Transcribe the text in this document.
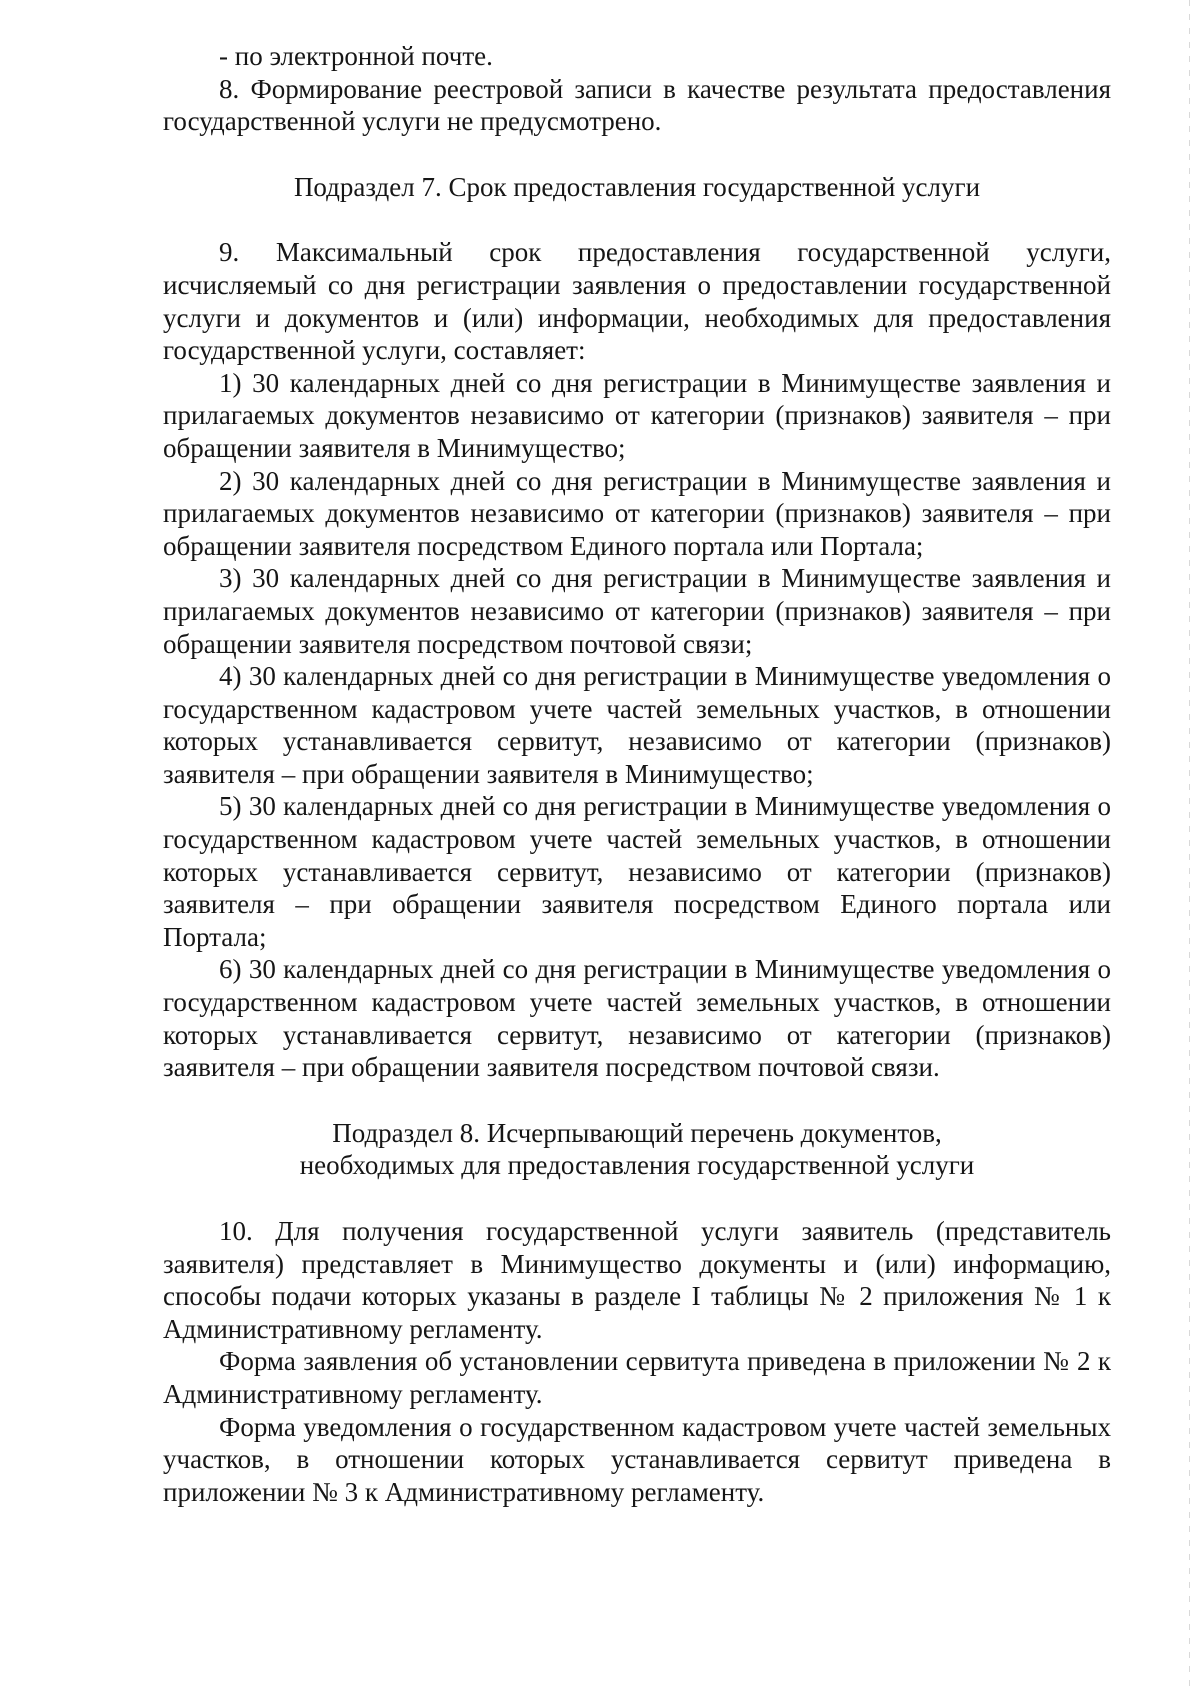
- по электронной почте.

8. Формирование реестровой записи в качестве результата предоставления государственной услуги не предусмотрено.

Подраздел 7. Срок предоставления государственной услуги

9. Максимальный срок предоставления государственной услуги, исчисляемый со дня регистрации заявления о предоставлении государственной услуги и документов и (или) информации, необходимых для предоставления государственной услуги, составляет:

1) 30 календарных дней со дня регистрации в Минимуществе заявления и прилагаемых документов независимо от категории (признаков) заявителя – при обращении заявителя в Минимущество;

2) 30 календарных дней со дня регистрации в Минимуществе заявления и прилагаемых документов независимо от категории (признаков) заявителя – при обращении заявителя посредством Единого портала или Портала;

3) 30 календарных дней со дня регистрации в Минимуществе заявления и прилагаемых документов независимо от категории (признаков) заявителя – при обращении заявителя посредством почтовой связи;

4) 30 календарных дней со дня регистрации в Минимуществе уведомления о государственном кадастровом учете частей земельных участков, в отношении которых устанавливается сервитут, независимо от категории (признаков) заявителя – при обращении заявителя в Минимущество;

5) 30 календарных дней со дня регистрации в Минимуществе уведомления о государственном кадастровом учете частей земельных участков, в отношении которых устанавливается сервитут, независимо от категории (признаков) заявителя – при обращении заявителя посредством Единого портала или Портала;

6) 30 календарных дней со дня регистрации в Минимуществе уведомления о государственном кадастровом учете частей земельных участков, в отношении которых устанавливается сервитут, независимо от категории (признаков) заявителя – при обращении заявителя посредством почтовой связи.

Подраздел 8. Исчерпывающий перечень документов,
необходимых для предоставления государственной услуги

10. Для получения государственной услуги заявитель (представитель заявителя) представляет в Минимущество документы и (или) информацию, способы подачи которых указаны в разделе I таблицы № 2 приложения № 1 к Административному регламенту.

Форма заявления об установлении сервитута приведена в приложении № 2 к Административному регламенту.

Форма уведомления о государственном кадастровом учете частей земельных участков, в отношении которых устанавливается сервитут приведена в приложении № 3 к Административному регламенту.
